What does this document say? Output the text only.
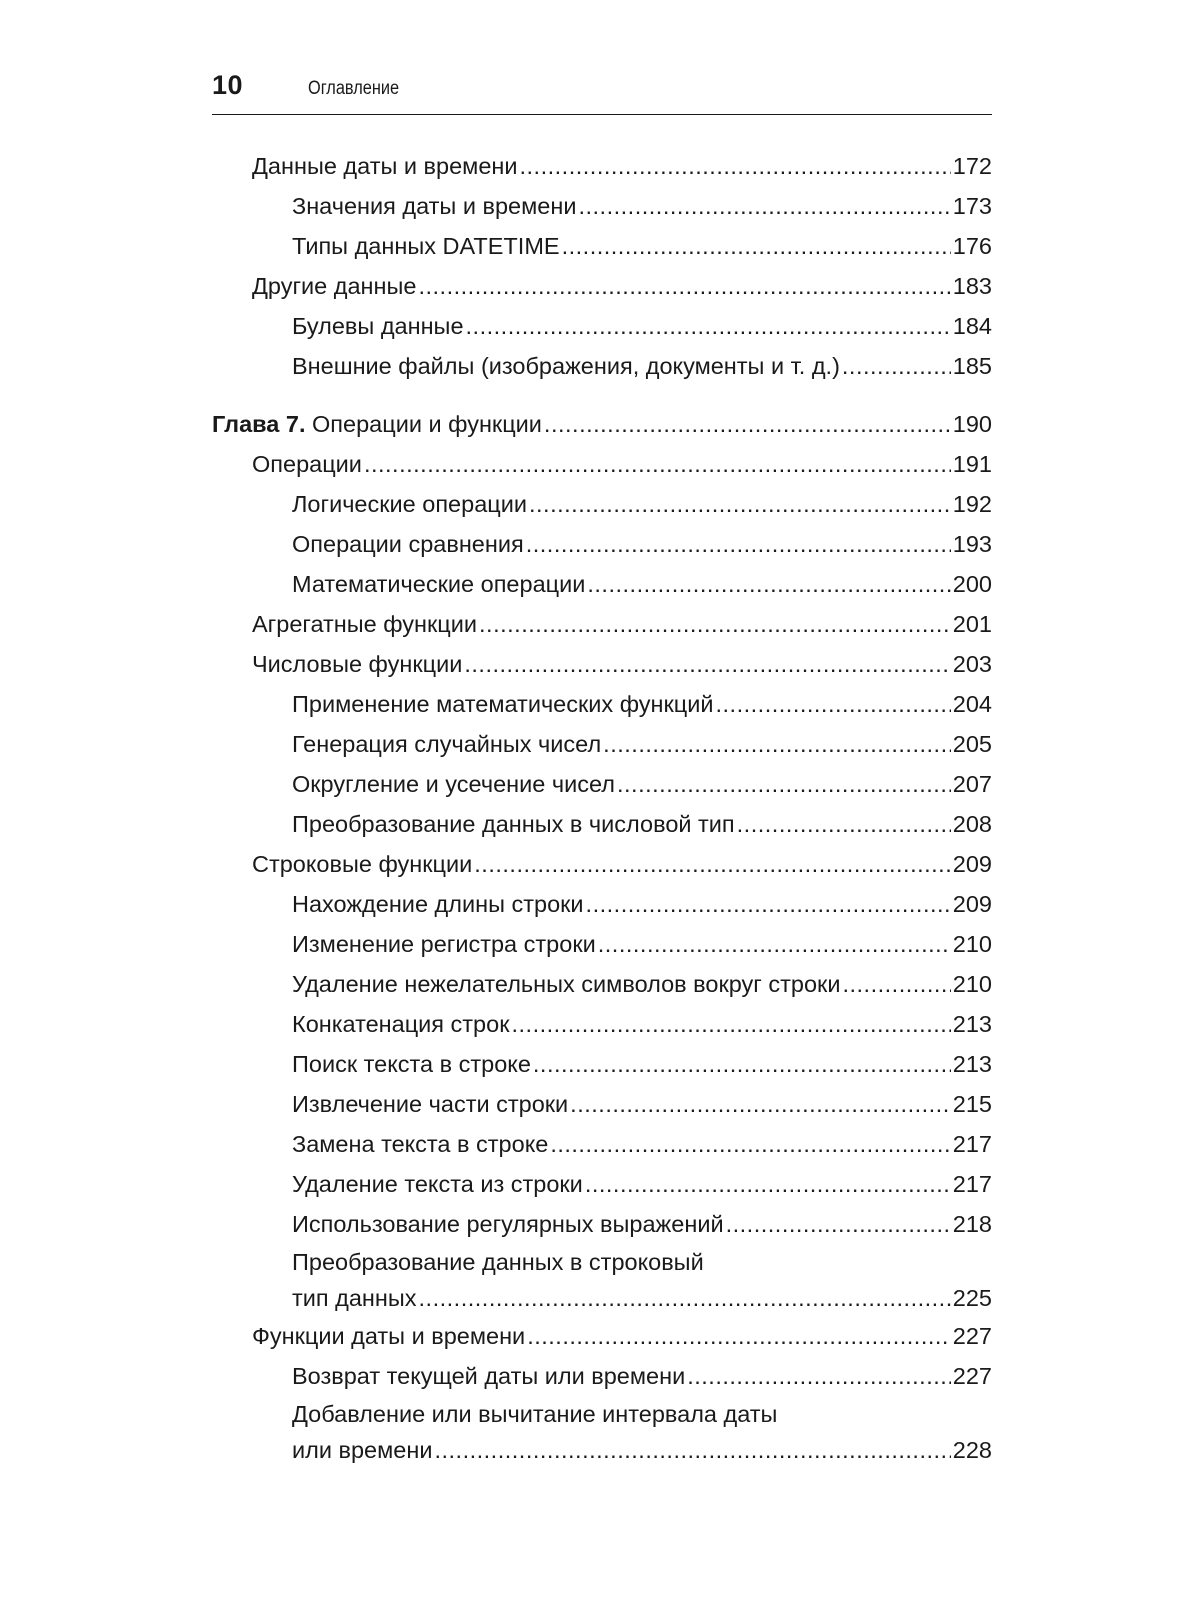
10	Оглавление
Данные даты и времени .....	172
Значения даты и времени .....	173
Типы данных DATETIME .....	176
Другие данные .....	183
Булевы данные .....	184
Внешние файлы (изображения, документы и т. д.) .....	185
Глава 7. Операции и функции .....	190
Операции .....	191
Логические операции .....	192
Операции сравнения .....	193
Математические операции .....	200
Агрегатные функции .....	201
Числовые функции .....	203
Применение математических функций .....	204
Генерация случайных чисел .....	205
Округление и усечение чисел .....	207
Преобразование данных в числовой тип .....	208
Строковые функции .....	209
Нахождение длины строки .....	209
Изменение регистра строки .....	210
Удаление нежелательных символов вокруг строки .....	210
Конкатенация строк .....	213
Поиск текста в строке .....	213
Извлечение части строки .....	215
Замена текста в строке .....	217
Удаление текста из строки .....	217
Использование регулярных выражений .....	218
Преобразование данных в строковый
тип данных .....	225
Функции даты и времени .....	227
Возврат текущей даты или времени .....	227
Добавление или вычитание интервала даты
или времени .....	228
